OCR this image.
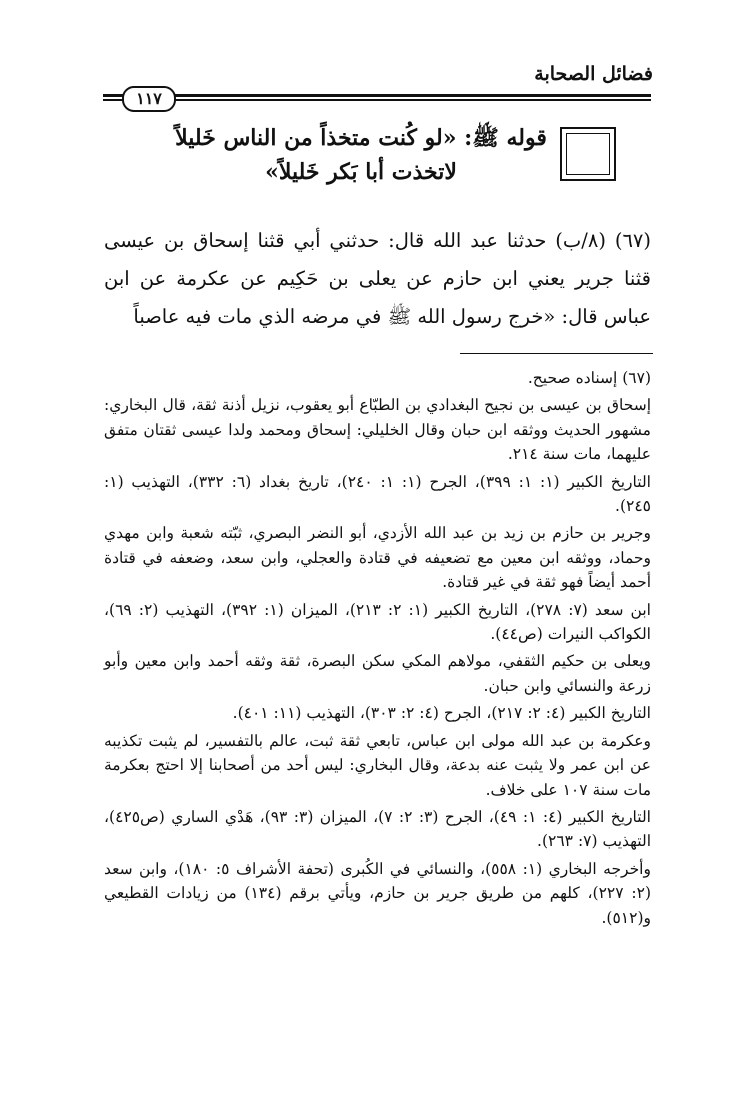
فضائل الصحابة
١١٧
قوله ﷺ: «لو كُنت متخذاً من الناس خَليلاً
لاتخذت أبا بَكر خَليلاً»
(٦٧) (٨/ب) حدثنا عبد الله قال: حدثني أبي قثنا إسحاق بن عيسى قثنا جرير يعني ابن حازم عن يعلى بن حَكِيم عن عكرمة عن ابن عباس قال: «خرج رسول الله ﷺ في مرضه الذي مات فيه عاصباً

(٦٧) إسناده صحيح.

إسحاق بن عيسى بن نجيح البغدادي بن الطبّاع أبو يعقوب، نزيل أذنة ثقة، قال البخاري: مشهور الحديث ووثقه ابن حبان وقال الخليلي: إسحاق ومحمد ولدا عيسى ثقتان متفق عليهما، مات سنة ٢١٤.

التاريخ الكبير (١: ١: ٣٩٩)، الجرح (١: ١: ٢٤٠)، تاريخ بغداد (٦: ٣٣٢)، التهذيب (١: ٢٤٥).

وجرير بن حازم بن زيد بن عبد الله الأزدي، أبو النضر البصري، ثبّته شعبة وابن مهدي وحماد، ووثقه ابن معين مع تضعيفه في قتادة والعجلي، وابن سعد، وضعفه في قتادة أحمد أيضاً فهو ثقة في غير قتادة.

ابن سعد (٧: ٢٧٨)، التاريخ الكبير (١: ٢: ٢١٣)، الميزان (١: ٣٩٢)، التهذيب (٢: ٦٩)، الكواكب النيرات (ص٤٤).

ويعلى بن حكيم الثقفي، مولاهم المكي سكن البصرة، ثقة وثقه أحمد وابن معين وأبو زرعة والنسائي وابن حبان.

التاريخ الكبير (٤: ٢: ٢١٧)، الجرح (٤: ٢: ٣٠٣)، التهذيب (١١: ٤٠١).

وعكرمة بن عبد الله مولى ابن عباس، تابعي ثقة ثبت، عالم بالتفسير، لم يثبت تكذيبه عن ابن عمر ولا يثبت عنه بدعة، وقال البخاري: ليس أحد من أصحابنا إلا احتج بعكرمة مات سنة ١٠٧ على خلاف.

التاريخ الكبير (٤: ١: ٤٩)، الجرح (٣: ٢: ٧)، الميزان (٣: ٩٣)، هَدْي الساري (ص٤٢٥)، التهذيب (٧: ٢٦٣).

وأخرجه البخاري (١: ٥٥٨)، والنسائي في الكُبرى (تحفة الأشراف ٥: ١٨٠)، وابن سعد (٢: ٢٢٧)، كلهم من طريق جرير بن حازم، ويأتي برقم (١٣٤) من زيادات القطيعي و(٥١٢).
